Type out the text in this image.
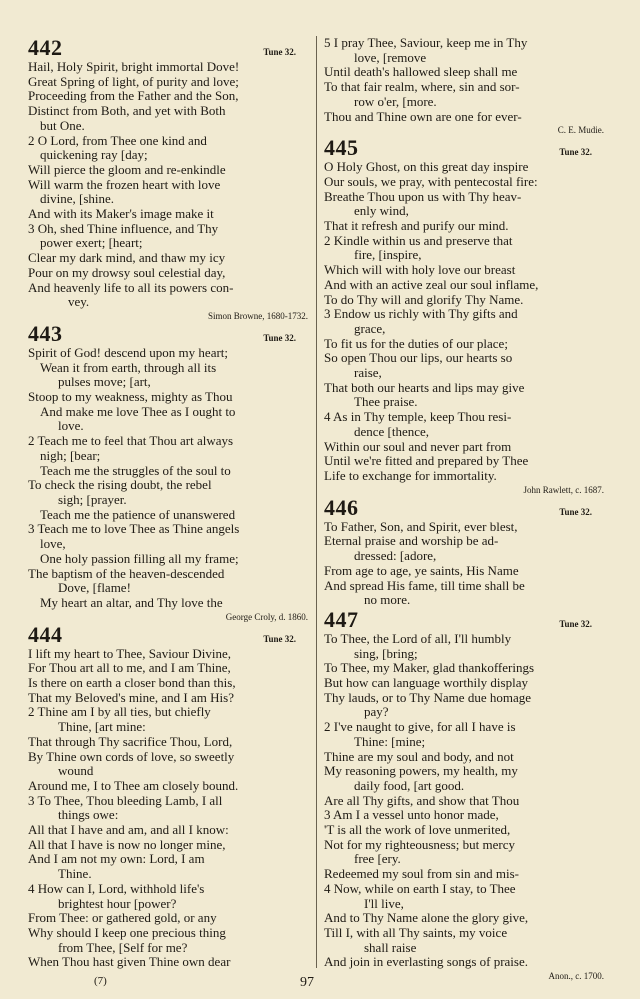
442	Tune 32.
Hail, Holy Spirit, bright immortal Dove!
Great Spring of light, of purity and love;
Proceeding from the Father and the Son,
Distinct from Both, and yet with Both
but One.
2 O Lord, from Thee one kind and
quickening ray [day;
Will pierce the gloom and re-enkindle
Will warm the frozen heart with love
divine, [shine.
And with its Maker's image make it
3 Oh, shed Thine influence, and Thy
power exert; [heart;
Clear my dark mind, and thaw my icy
Pour on my drowsy soul celestial day,
And heavenly life to all its powers con-
vey.
Simon Browne, 1680-1732.
443	Tune 32.
Spirit of God! descend upon my heart;
Wean it from earth, through all its
pulses move; [art,
Stoop to my weakness, mighty as Thou
And make me love Thee as I ought to
love.
2 Teach me to feel that Thou art always
nigh; [bear;
Teach me the struggles of the soul to
To check the rising doubt, the rebel
sigh; [prayer.
Teach me the patience of unanswered
3 Teach me to love Thee as Thine angels
love,
One holy passion filling all my frame;
The baptism of the heaven-descended
Dove, [flame!
My heart an altar, and Thy love the
George Croly, d. 1860.
444	Tune 32.
I lift my heart to Thee, Saviour Divine,
For Thou art all to me, and I am Thine,
Is there on earth a closer bond than this,
That my Beloved's mine, and I am His?
2 Thine am I by all ties, but chiefly
Thine, [art mine:
That through Thy sacrifice Thou, Lord,
By Thine own cords of love, so sweetly
wound
Around me, I to Thee am closely bound.
3 To Thee, Thou bleeding Lamb, I all
things owe:
All that I have and am, and all I know:
All that I have is now no longer mine,
And I am not my own: Lord, I am
Thine.
4 How can I, Lord, withhold life's
brightest hour [power?
From Thee: or gathered gold, or any
Why should I keep one precious thing
from Thee, [Self for me?
When Thou hast given Thine own dear
5 I pray Thee, Saviour, keep me in Thy
love, [remove
Until death's hallowed sleep shall me
To that fair realm, where, sin and sor-
row o'er, [more.
Thou and Thine own are one for ever-
C. E. Mudie.
445	Tune 32.
O Holy Ghost, on this great day inspire
Our souls, we pray, with pentecostal fire:
Breathe Thou upon us with Thy heav-
enly wind,
That it refresh and purify our mind.
2 Kindle within us and preserve that
fire, [inspire,
Which will with holy love our breast
And with an active zeal our soul inflame,
To do Thy will and glorify Thy Name.
3 Endow us richly with Thy gifts and
grace,
To fit us for the duties of our place;
So open Thou our lips, our hearts so
raise,
That both our hearts and lips may give
Thee praise.
4 As in Thy temple, keep Thou resi-
dence [thence,
Within our soul and never part from
Until we're fitted and prepared by Thee
Life to exchange for immortality.
John Rawlett, c. 1687.
446	Tune 32.
To Father, Son, and Spirit, ever blest,
Eternal praise and worship be ad-
dressed: [adore,
From age to age, ye saints, His Name
And spread His fame, till time shall be
no more.
447	Tune 32.
To Thee, the Lord of all, I'll humbly
sing, [bring;
To Thee, my Maker, glad thankofferings
But how can language worthily display
Thy lauds, or to Thy Name due homage
pay?
2 I've naught to give, for all I have is
Thine: [mine;
Thine are my soul and body, and not
My reasoning powers, my health, my
daily food, [art good.
Are all Thy gifts, and show that Thou
3 Am I a vessel unto honor made,
'T is all the work of love unmerited,
Not for my righteousness; but mercy
free [ery.
Redeemed my soul from sin and mis-
4 Now, while on earth I stay, to Thee
I'll live,
And to Thy Name alone the glory give,
Till I, with all Thy saints, my voice
shall raise
And join in everlasting songs of praise.
Anon., c. 1700.
(7)	97
